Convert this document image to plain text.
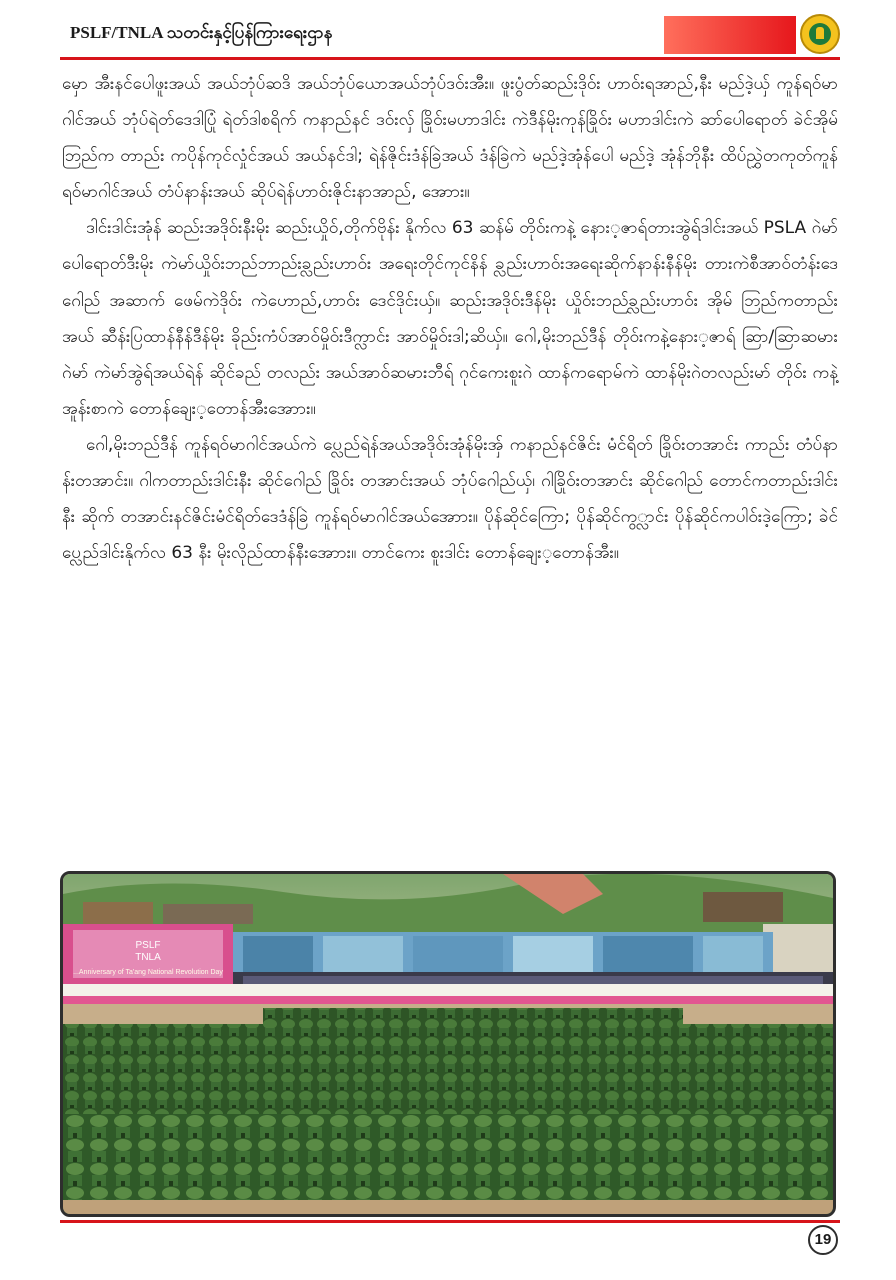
PSLF/TNLA သတင်းနှင့်ပြန်ကြားရေးဌာန

မှော အီးနင်ပေါဖူးအယ် အယ်ဘုံပ်ဆဒိ အယ်ဘုံပ်ယောအယ်ဘုံပ်ဒဝ်းအီး။ ဖူးပွံတ်ဆည်းဒိုဝ်း ဟာဝ်းရအာည်,နီး မည်ဒဲ့ယှ် ကူန်ရဝ်မာဂါင်အယ် ဘုံပ်ရဲတ်ဒေဒါပြုံ ရဲတ်ဒါစရိက် ကနာည်နင် ဒဝ်းလှ် ခြိုဝ်းမဟာဒါင်း ကဲဒီန်မိုးကုန်ခြိုဝ်း မဟာဒါင်းကဲ ဆာ်ပေါရောတ် ခဲင်အိုမ်ဘြည်က တာည်း ကပိုန်ကုင်လှုံင်အယ် အယ်နင်ဒါ; ရဲန်ဇိုင်းဒံန်ခြဲအယ် ဒံန်ခြဲကဲ မည်ဒဲ့အုံန်ပေါ မည်ဒဲ့ အုံန်ဘိုနီး ထိပ်ညွှဲတကုတ်ကူန်ရဝ်မာဂါင်အယ် တံပ်နာန်းအယ် ဆိုပ်ရဲန်ဟာဝ်းဇိုင်းနာအာည်, အောား။

ဒါင်းဒါင်းအုံန် ဆည်းအဒိုဝ်းနီးမိုး ဆည်းယှိုဝ်,တိုက်ဗိုန်း နိုက်လ 63 ဆန်မ် တိုဝ်းကနဲ့ နေား့ဇာရ်တားအွဲရ်ဒါင်းအယ် PSLA ဂဲမာ် ပေါရောတ်ဒီးမိုး ကဲမာ်ယှိုဝ်းဘည်ဘာည်းခ္လည်းဟာဝ်း အရေးတိုင်ကုင်နိန် ခ္လည်းဟာဝ်းအရေးဆိုက်နာန်းနီန်မိုး တားကဲစီအာဝ်တံန်းဒေဂေါည် အဆာက် ဖေမ်ကဲဒိုဝ်း ကဲဟောည်,ဟာဝ်း ဒေင်ဒိုင်းယှ်။ ဆည်းအဒိုဝ်းဒီန်မိုး ယှိုဝ်းဘည်ခ္လည်းဟာဝ်း အိုမ် ဘြည်ကတာည်းအယ် ဆီန်းပြထာန်နီန်ဒီန်မိုး ခိုည်းကံပ်အာဝ်မှိုဝ်း‌ဒီက္လာင်း အာဝ်မှိုဝ်းဒါ;ဆိယှ်။ ဂေါ,မိုးဘည်ဒီန် တိုဝ်းကနဲ့နေား့ဇာရ် ဆြာ/ဆြာဆမားဂဲမာ် ကဲမာ်အွဲရ်အယ်ရဲန် ဆိုင်ခည် တလည်း အယ်အာဝ်ဆမားဘီရ် ဂုင်ကေးစူးဂဲ ထာန်ကရောမ်ကဲ ထာန်မိုးဂဲတလည်းမာ် တိုဝ်း ကနဲ့အူန်းစာကဲ တောန်ချေး့တောန်အီးအောား။

ဂေါ,မိုးဘည်ဒီန် ကူန်ရဝ်မာဂါင်အယ်ကဲ ပ္လေည်ရဲန်အယ်အဒိုဝ်းအုံန်မိုးအှ် ကနာည်နင်ဇိင်း မံင်ရိတ် ခြိုဝ်းတအာင်း ကာည်း တံပ်နာန်းတအာင်း။ ဂါကတာည်းဒါင်းနီး ဆိုင်ဂေါည် ခြိုဝ်း တအာင်းအယ် ဘုံပ်ဂေါည်ယှ်၊ ဂါခြိုဝ်းတအာင်း ဆိုင်ဂေါည် တောင်ကတာည်းဒါင်းနီး ဆိုက် တအာင်းနင်ဇိင်းမံင်ရိတ်ဒေဒံန်ခြဲ ကူန်ရဝ်မာဂါင်အယ်အောား။ ပိုန်ဆိုင်ကြော; ပိုန်ဆိုင်ကွ္လာင်း ပိုန်ဆိုင်ကပါဝ်းဒဲ့ကြော; ခဲင်ပ္လေည်ဒါင်းနိုက်လ 63 နီး မိုးလိုည်ထာန်နီးအောား။ တာင်ကေး စူးဒါင်း တောန်ချေး့တောန်အီး။

PSLF
TNLA
...Anniversary of Ta'ang National Revolution Day
19
